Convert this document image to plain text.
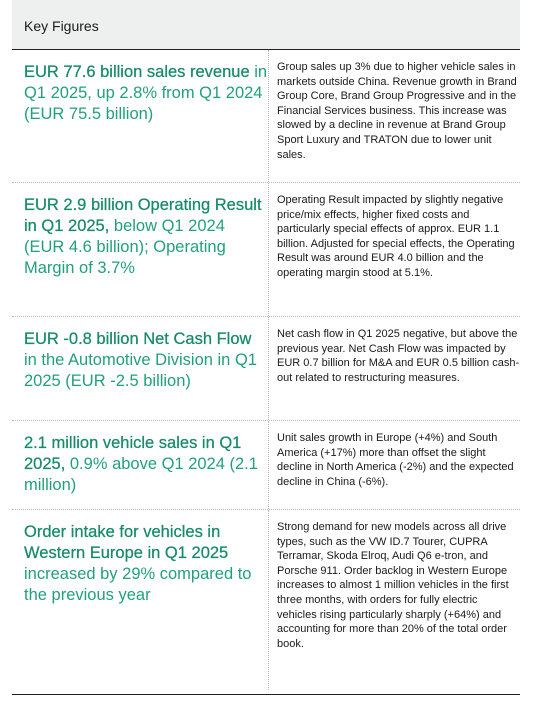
Key Figures
EUR 77.6 billion sales revenue in Q1 2025, up 2.8% from Q1 2024 (EUR 75.5 billion)
Group sales up 3% due to higher vehicle sales in markets outside China. Revenue growth in Brand Group Core, Brand Group Progressive and in the Financial Services business. This increase was slowed by a decline in revenue at Brand Group Sport Luxury and TRATON due to lower unit sales.
EUR 2.9 billion Operating Result in Q1 2025, below Q1 2024 (EUR 4.6 billion); Operating Margin of 3.7%
Operating Result impacted by slightly negative price/mix effects, higher fixed costs and particularly special effects of approx. EUR 1.1 billion. Adjusted for special effects, the Operating Result was around EUR 4.0 billion and the operating margin stood at 5.1%.
EUR -0.8 billion Net Cash Flow in the Automotive Division in Q1 2025 (EUR -2.5 billion)
Net cash flow in Q1 2025 negative, but above the previous year. Net Cash Flow was impacted by EUR 0.7 billion for M&A and EUR 0.5 billion cash-out related to restructuring measures.
2.1 million vehicle sales in Q1 2025, 0.9% above Q1 2024 (2.1 million)
Unit sales growth in Europe (+4%) and South America (+17%) more than offset the slight decline in North America (-2%) and the expected decline in China (-6%).
Order intake for vehicles in Western Europe in Q1 2025 increased by 29% compared to the previous year
Strong demand for new models across all drive types, such as the VW ID.7 Tourer, CUPRA Terramar, Skoda Elroq, Audi Q6 e-tron, and Porsche 911. Order backlog in Western Europe increases to almost 1 million vehicles in the first three months, with orders for fully electric vehicles rising particularly sharply (+64%) and accounting for more than 20% of the total order book.
